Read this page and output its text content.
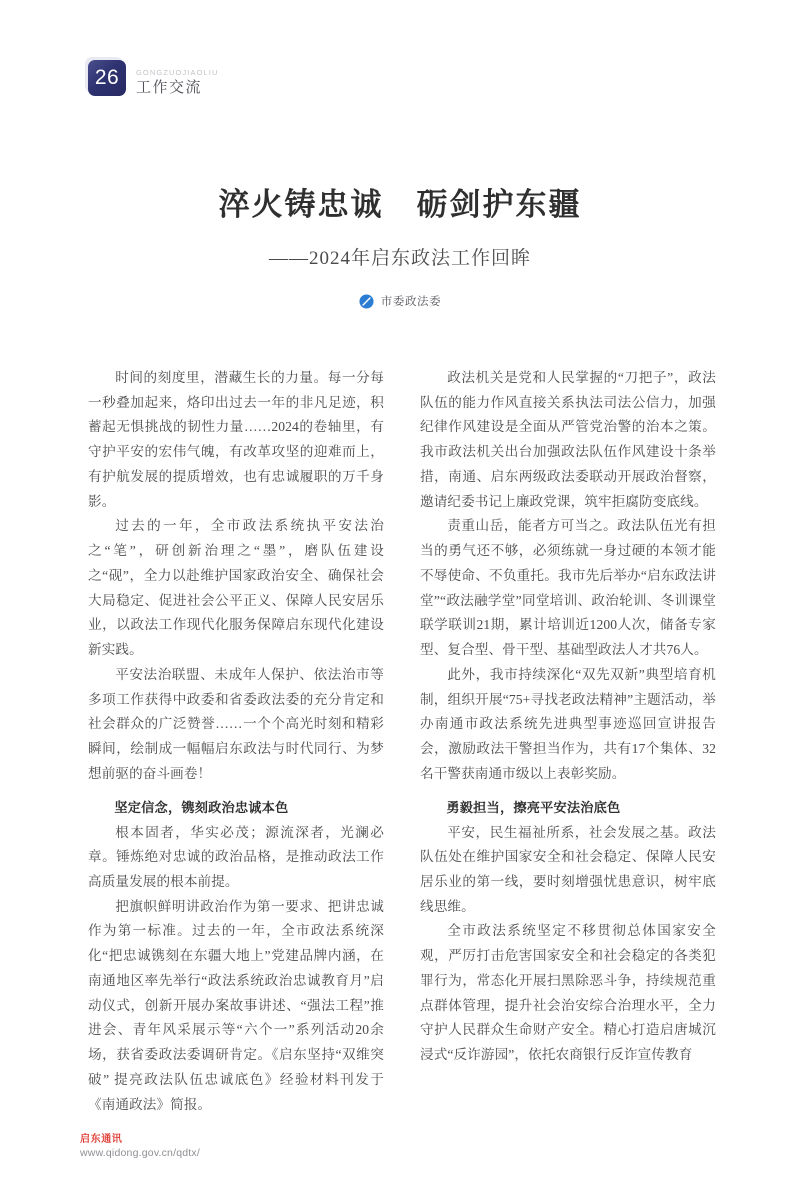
26 GONGZUOJIAOLIU
工作交流
淬火铸忠诚　砺剑护东疆
——2024年启东政法工作回眸
市委政法委

时间的刻度里，潜藏生长的力量。每一分每一秒叠加起来，烙印出过去一年的非凡足迹，积蓄起无惧挑战的韧性力量……2024的卷轴里，有守护平安的宏伟气魄，有改革攻坚的迎难而上，有护航发展的提质增效，也有忠诚履职的万千身影。

过去的一年，全市政法系统执平安法治之“笔”，研创新治理之“墨”，磨队伍建设之“砚”，全力以赴维护国家政治安全、确保社会大局稳定、促进社会公平正义、保障人民安居乐业，以政法工作现代化服务保障启东现代化建设新实践。

平安法治联盟、未成年人保护、依法治市等多项工作获得中政委和省委政法委的充分肯定和社会群众的广泛赞誉……一个个高光时刻和精彩瞬间，绘制成一幅幅启东政法与时代同行、为梦想前驱的奋斗画卷！

坚定信念，镌刻政治忠诚本色

根本固者，华实必茂；源流深者，光澜必章。锤炼绝对忠诚的政治品格，是推动政法工作高质量发展的根本前提。

把旗帜鲜明讲政治作为第一要求、把讲忠诚作为第一标准。过去的一年，全市政法系统深化“把忠诚镌刻在东疆大地上”党建品牌内涵，在南通地区率先举行“政法系统政治忠诚教育月”启动仪式，创新开展办案故事讲述、“强法工程”推进会、青年风采展示等“六个一”系列活动20余场，获省委政法委调研肯定。《启东坚持“双维突破” 提亮政法队伍忠诚底色》经验材料刊发于《南通政法》简报。

政法机关是党和人民掌握的“刀把子”，政法队伍的能力作风直接关系执法司法公信力，加强纪律作风建设是全面从严管党治警的治本之策。我市政法机关出台加强政法队伍作风建设十条举措，南通、启东两级政法委联动开展政治督察，邀请纪委书记上廉政党课，筑牢拒腐防变底线。

责重山岳，能者方可当之。政法队伍光有担当的勇气还不够，必须练就一身过硬的本领才能不辱使命、不负重托。我市先后举办“启东政法讲堂”“政法融学堂”同堂培训、政治轮训、冬训课堂联学联训21期，累计培训近1200人次，储备专家型、复合型、骨干型、基础型政法人才共76人。

此外，我市持续深化“双先双新”典型培育机制，组织开展“75+寻找老政法精神”主题活动，举办南通市政法系统先进典型事迹巡回宣讲报告会，激励政法干警担当作为，共有17个集体、32名干警获南通市级以上表彰奖励。

勇毅担当，擦亮平安法治底色

平安，民生福祉所系，社会发展之基。政法队伍处在维护国家安全和社会稳定、保障人民安居乐业的第一线，要时刻增强忧患意识，树牢底线思维。

全市政法系统坚定不移贯彻总体国家安全观，严厉打击危害国家安全和社会稳定的各类犯罪行为，常态化开展扫黑除恶斗争，持续规范重点群体管理，提升社会治安综合治理水平，全力守护人民群众生命财产安全。精心打造启唐城沉浸式“反诈游园”，依托农商银行反诈宣传教育

启东通讯
www.qidong.gov.cn/qdtx/
